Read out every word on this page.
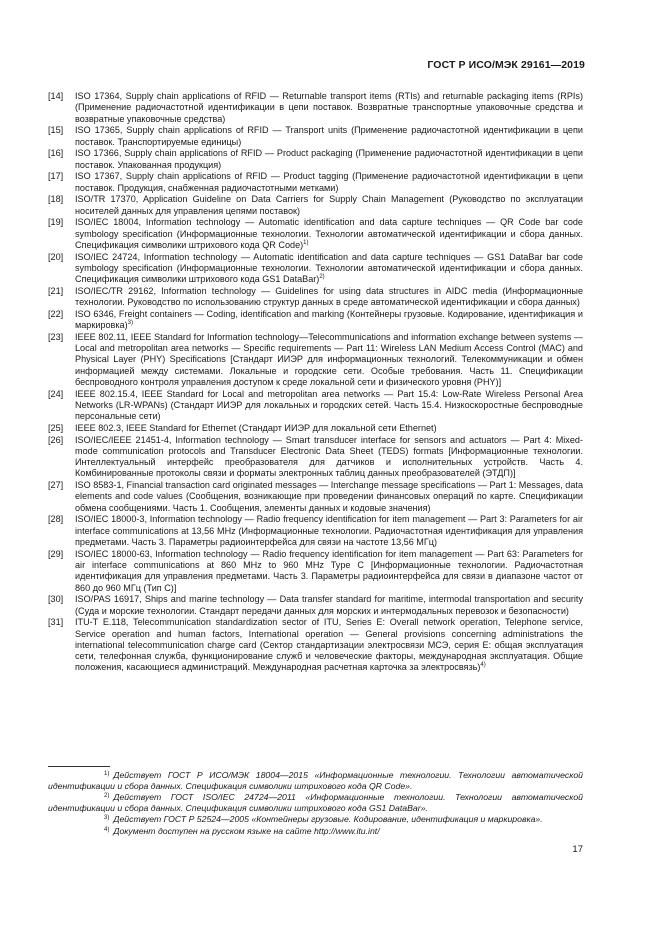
ГОСТ Р ИСО/МЭК 29161—2019
[14]	ISO 17364, Supply chain applications of RFID — Returnable transport items (RTIs) and returnable packaging items (RPIs) (Применение радиочастотной идентификации в цепи поставок. Возвратные транспортные упаковочные средства и возвратные упаковочные средства)
[15]	ISO 17365, Supply chain applications of RFID — Transport units (Применение радиочастотной идентификации в цепи поставок. Транспортируемые единицы)
[16]	ISO 17366, Supply chain applications of RFID — Product packaging (Применение радиочастотной идентификации в цепи поставок. Упакованная продукция)
[17]	ISO 17367, Supply chain applications of RFID — Product tagging (Применение радиочастотной идентификации в цепи поставок. Продукция, снабженная радиочастотными метками)
[18]	ISO/TR 17370, Application Guideline on Data Carriers for Supply Chain Management (Руководство по эксплуатации носителей данных для управления цепями поставок)
[19]	ISO/IEC 18004, Information technology — Automatic identification and data capture techniques — QR Code bar code symbology specification (Информационные технологии. Технологии автоматической идентификации и сбора данных. Спецификация символики штрихового кода QR Code)$^{1)}$
[20]	ISO/IEC 24724, Information technology — Automatic identification and data capture techniques — GS1 DataBar bar code symbology specification (Информационные технологии. Технологии автоматической идентификации и сбора данных. Спецификация символики штрихового кода GS1 DataBar)$^{2)}$
[21]	ISO/IEC/TR 29162, Information technology — Guidelines for using data structures in AIDC media (Информационные технологии. Руководство по использованию структур данных в среде автоматической идентификации и сбора данных)
[22]	ISO 6346, Freight containers — Coding, identification and marking (Контейнеры грузовые. Кодирование, идентификация и маркировка)$^{3)}$
[23]	IEEE 802.11, IEEE Standard for Information technology—Telecommunications and information exchange between systems — Local and metropolitan area networks — Specific requirements — Part 11: Wireless LAN Medium Access Control (MAC) and Physical Layer (PHY) Specifications [Стандарт ИИЭР для информационных технологий. Телекоммуникации и обмен информацией между системами. Локальные и городские сети. Особые требования. Часть 11. Спецификации беспроводного контроля управления доступом к среде локальной сети и физического уровня (PHY)]
[24]	IEEE 802.15.4, IEEE Standard for Local and metropolitan area networks — Part 15.4: Low-Rate Wireless Personal Area Networks (LR-WPANs) (Стандарт ИИЭР для локальных и городских сетей. Часть 15.4. Низкоскоростные беспроводные персональные сети)
[25]	IEEE 802.3, IEEE Standard for Ethernet (Стандарт ИИЭР для локальной сети Ethernet)
[26]	ISO/IEC/IEEE 21451-4, Information technology — Smart transducer interface for sensors and actuators — Part 4: Mixed-mode communication protocols and Transducer Electronic Data Sheet (TEDS) formats [Информационные технологии. Интеллектуальный интерфейс преобразователя для датчиков и исполнительных устройств. Часть 4. Комбинированные протоколы связи и форматы электронных таблиц данных преобразователей (ЭТДП)]
[27]	ISO 8583-1, Financial transaction card originated messages — Interchange message specifications — Part 1: Messages, data elements and code values (Сообщения, возникающие при проведении финансовых операций по карте. Спецификации обмена сообщениями. Часть 1. Сообщения, элементы данных и кодовые значения)
[28]	ISO/IEC 18000-3, Information technology — Radio frequency identification for item management — Part 3: Parameters for air interface communications at 13,56 MHz (Информационные технологии. Радиочастотная идентификация для управления предметами. Часть 3. Параметры радиоинтерфейса для связи на частоте 13,56 МГц)
[29]	ISO/IEC 18000-63, Information technology — Radio frequency identification for item management — Part 63: Parameters for air interface communications at 860 MHz to 960 MHz Type C [Информационные технологии. Радиочастотная идентификация для управления предметами. Часть 3. Параметры радиоинтерфейса для связи в диапазоне частот от 860 до 960 МГц (Тип С)]
[30]	ISO/PAS 16917, Ships and marine technology — Data transfer standard for maritime, intermodal transportation and security (Суда и морские технологии. Стандарт передачи данных для морских и интермодальных перевозок и безопасности)
[31]	ITU-T E.118, Telecommunication standardization sector of ITU, Series E: Overall network operation, Telephone service, Service operation and human factors, International operation — General provisions concerning administrations the international telecommunication charge card (Сектор стандартизации электросвязи МСЭ, серия Е: общая эксплуатация сети, телефонная служба, функционирование служб и человеческие факторы, международная эксплуатация. Общие положения, касающиеся администраций. Международная расчетная карточка за электросвязь)$^{4)}$
$^{1)}$ Действует ГОСТ Р ИСО/МЭК 18004—2015 «Информационные технологии. Технологии автоматической идентификации и сбора данных. Спецификация символики штрихового кода QR Code».
$^{2)}$ Действует ГОСТ ISO/IEC 24724—2011 «Информационные технологии. Технологии автоматической идентификации и сбора данных. Спецификация символики штрихового кода GS1 DataBar».
$^{3)}$ Действует ГОСТ Р 52524—2005 «Контейнеры грузовые. Кодирование, идентификация и маркировка».
$^{4)}$ Документ доступен на русском языке на сайте http://www.itu.int/
17
